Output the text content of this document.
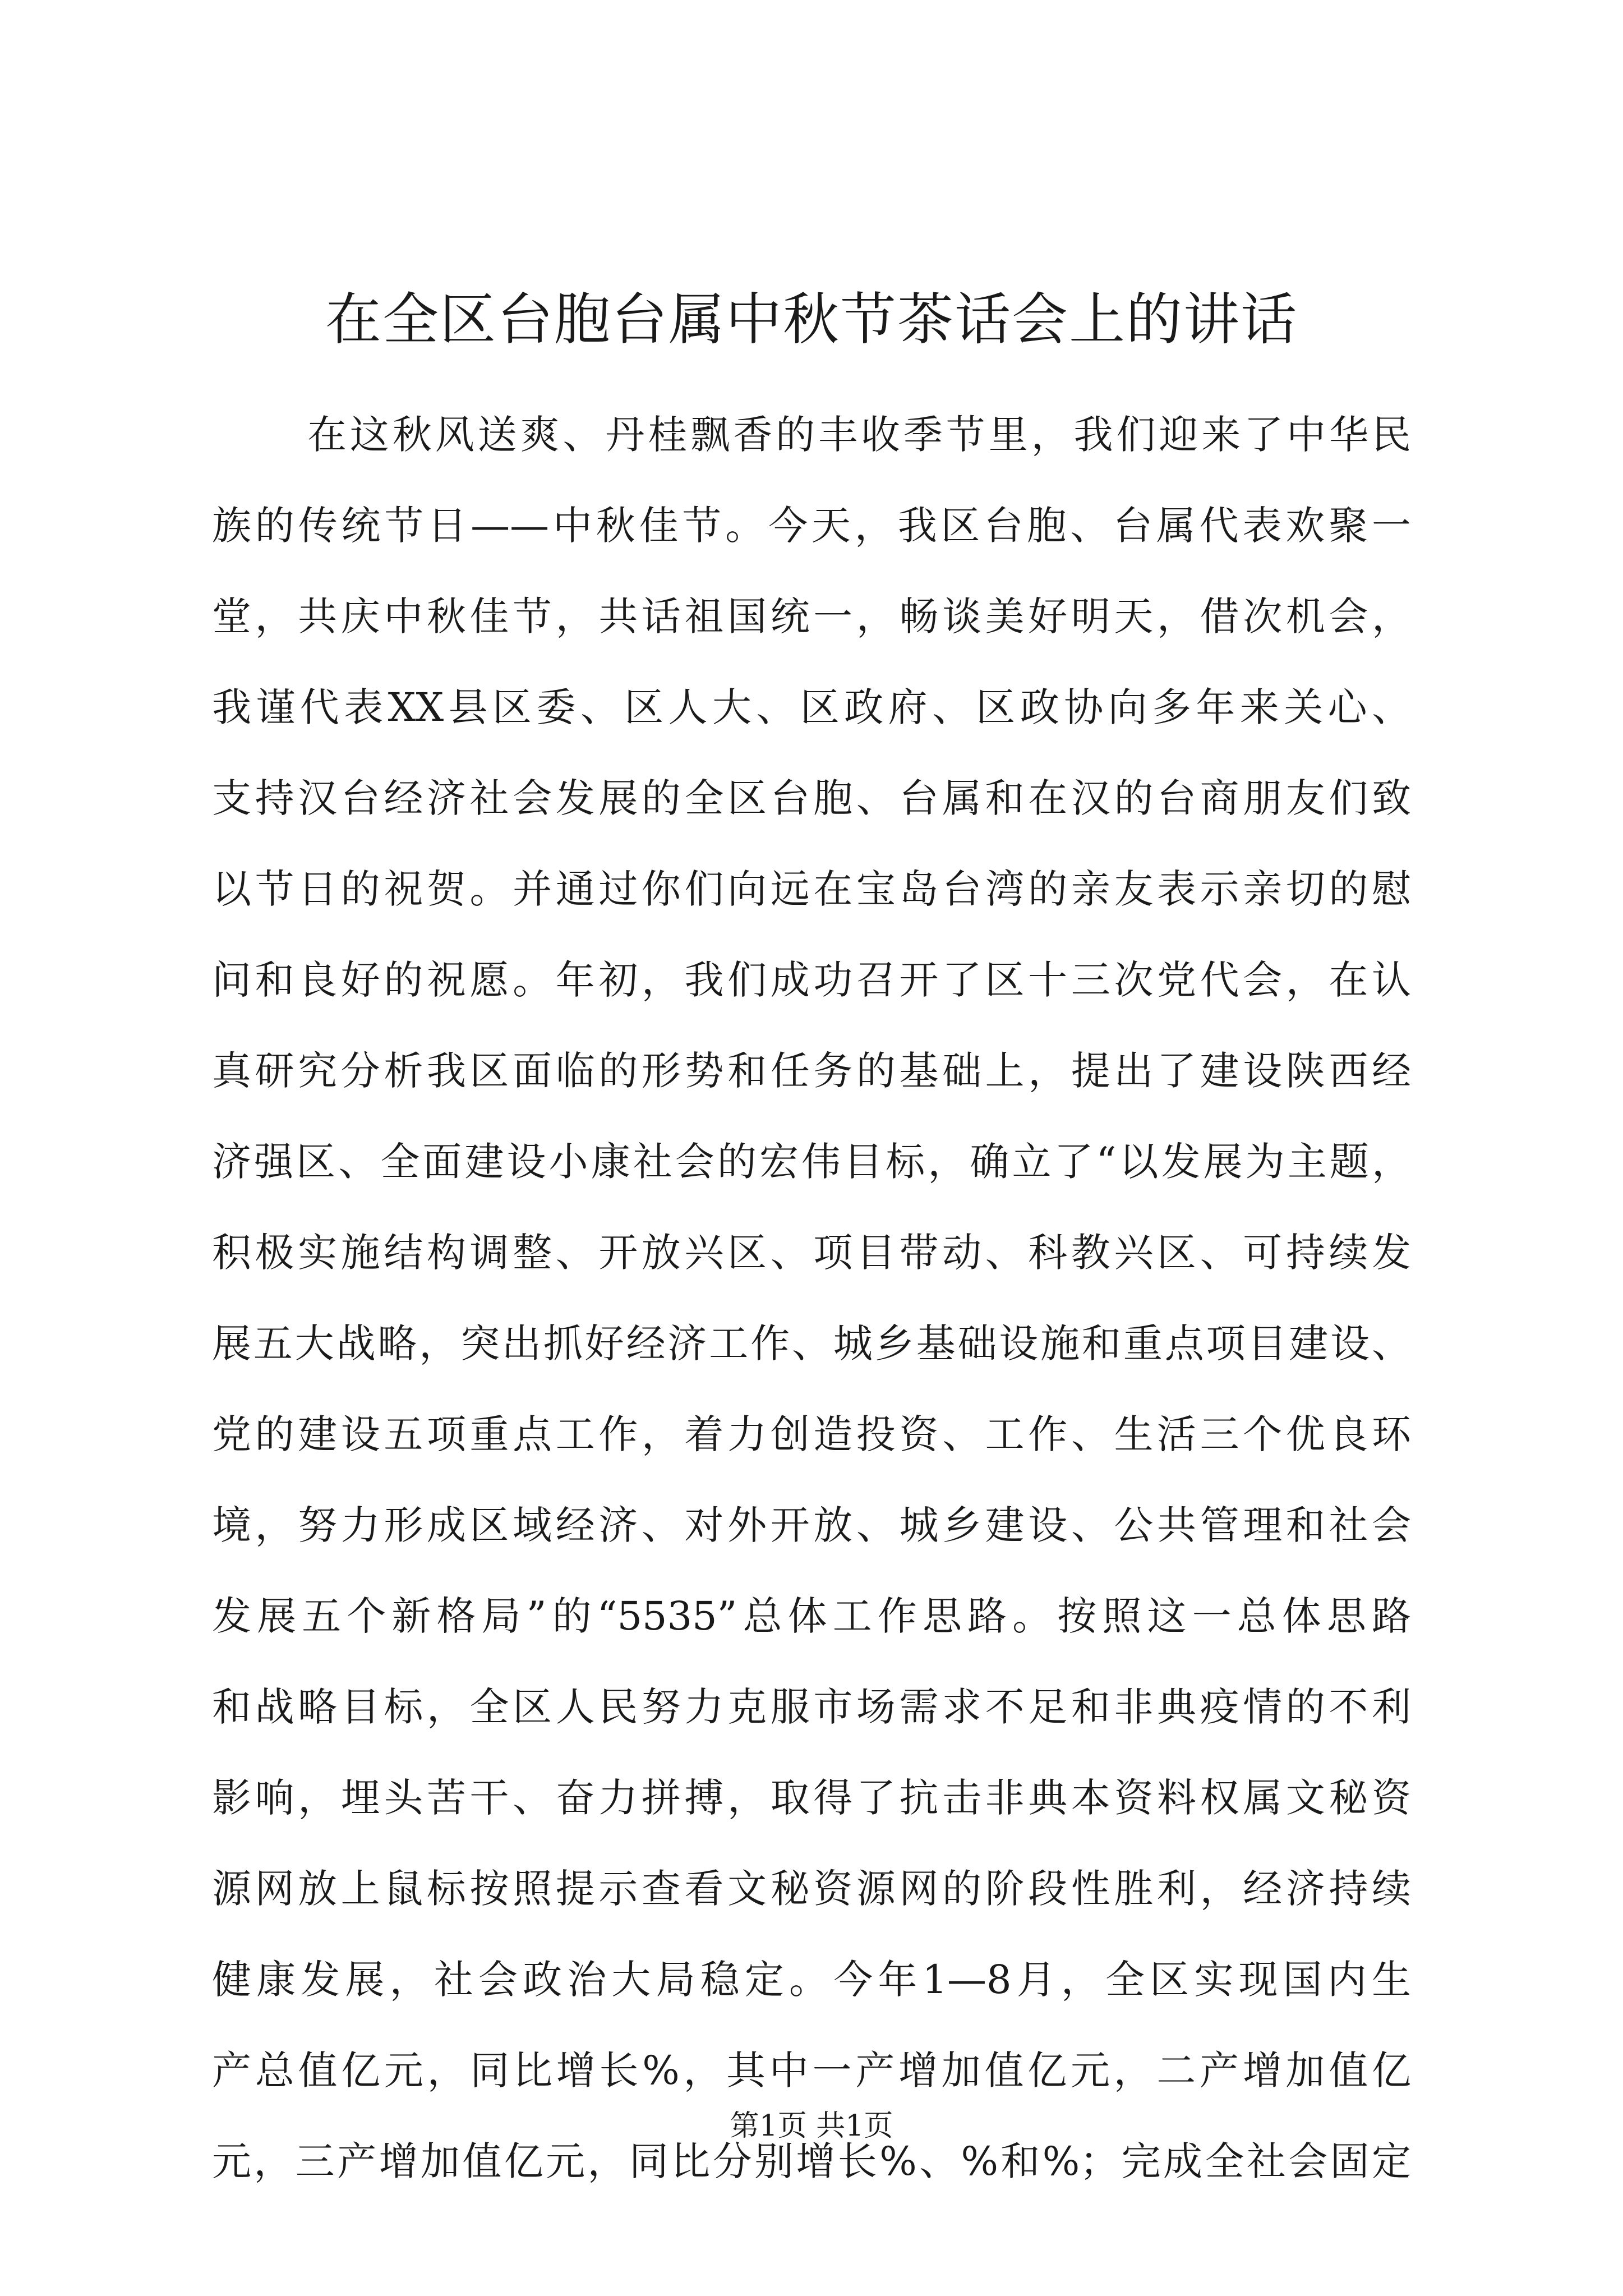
在全区台胞台属中秋节茶话会上的讲话
在这秋风送爽、丹桂飘香的丰收季节里，我们迎来了中华民
族的传统节日——中秋佳节。今天，我区台胞、台属代表欢聚一
堂，共庆中秋佳节，共话祖国统一，畅谈美好明天，借次机会，
我谨代表XX县区委、区人大、区政府、区政协向多年来关心、
支持汉台经济社会发展的全区台胞、台属和在汉的台商朋友们致
以节日的祝贺。并通过你们向远在宝岛台湾的亲友表示亲切的慰
问和良好的祝愿。年初，我们成功召开了区十三次党代会，在认
真研究分析我区面临的形势和任务的基础上，提出了建设陕西经
济强区、全面建设小康社会的宏伟目标，确立了“以发展为主题，
积极实施结构调整、开放兴区、项目带动、科教兴区、可持续发
展五大战略，突出抓好经济工作、城乡基础设施和重点项目建设、
党的建设五项重点工作，着力创造投资、工作、生活三个优良环
境，努力形成区域经济、对外开放、城乡建设、公共管理和社会
发展五个新格局”的“5535”总体工作思路。按照这一总体思路
和战略目标，全区人民努力克服市场需求不足和非典疫情的不利
影响，埋头苦干、奋力拼搏，取得了抗击非典本资料权属文秘资
源网放上鼠标按照提示查看文秘资源网的阶段性胜利，经济持续
健康发展，社会政治大局稳定。今年1—8月，全区实现国内生
产总值亿元，同比增长%，其中一产增加值亿元，二产增加值亿
元，三产增加值亿元，同比分别增长%、%和%；完成全社会固定
第1页 共1页
